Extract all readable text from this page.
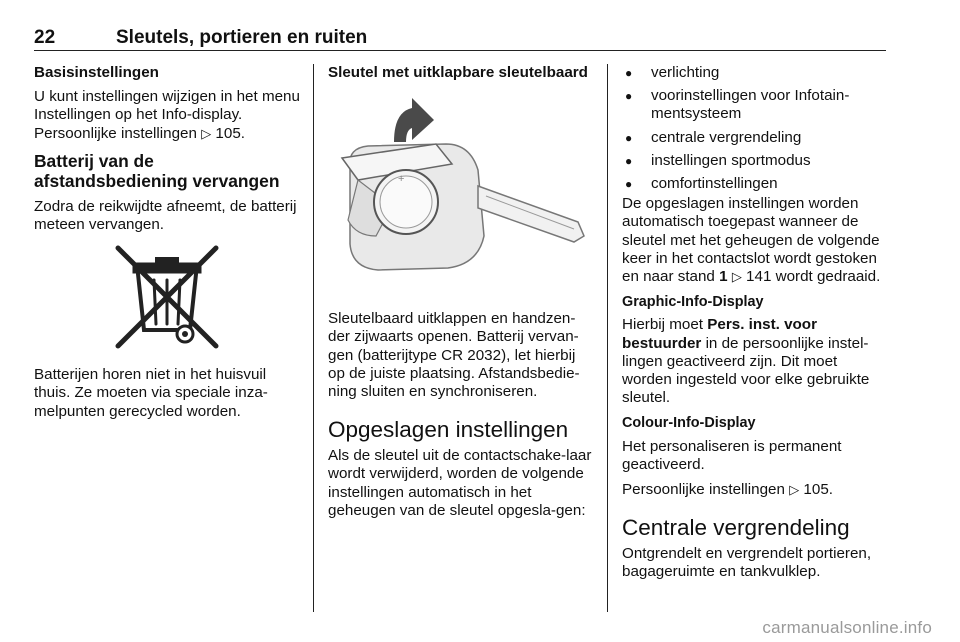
22	Sleutels, portieren en ruiten
Basisinstellingen

U kunt instellingen wijzigen in het menu Instellingen op het Info-display. Persoonlijke instellingen ▷ 105.

Batterij van de afstandsbediening vervangen

Zodra de reikwijdte afneemt, de batterij meteen vervangen.

Batterijen horen niet in het huisvuil thuis. Ze moeten via speciale inza-melpunten gerecycled worden.

Sleutel met uitklapbare sleutelbaard
+

Sleutelbaard uitklappen en handzen-der zijwaarts openen. Batterij vervan-gen (batterijtype CR 2032), let hierbij op de juiste plaatsing. Afstandsbedie-ning sluiten en synchroniseren.

Opgeslagen instellingen

Als de sleutel uit de contactschake-laar wordt verwijderd, worden de volgende instellingen automatisch in het geheugen van de sleutel opgesla-gen:

● verlichting
● voorinstellingen voor Infotain-mentsysteem
● centrale vergrendeling
● instellingen sportmodus
● comfortinstellingen

De opgeslagen instellingen worden automatisch toegepast wanneer de sleutel met het geheugen de volgende keer in het contactslot wordt gestoken en naar stand 1 ▷ 141 wordt gedraaid.

Graphic-Info-Display

Hierbij moet Pers. inst. voor bestuurder in de persoonlijke instel-lingen geactiveerd zijn. Dit moet worden ingesteld voor elke gebruikte sleutel.

Colour-Info-Display

Het personaliseren is permanent geactiveerd.

Persoonlijke instellingen ▷ 105.

Centrale vergrendeling

Ontgrendelt en vergrendelt portieren, bagageruimte en tankvulklep.

carmanualsonline.info
